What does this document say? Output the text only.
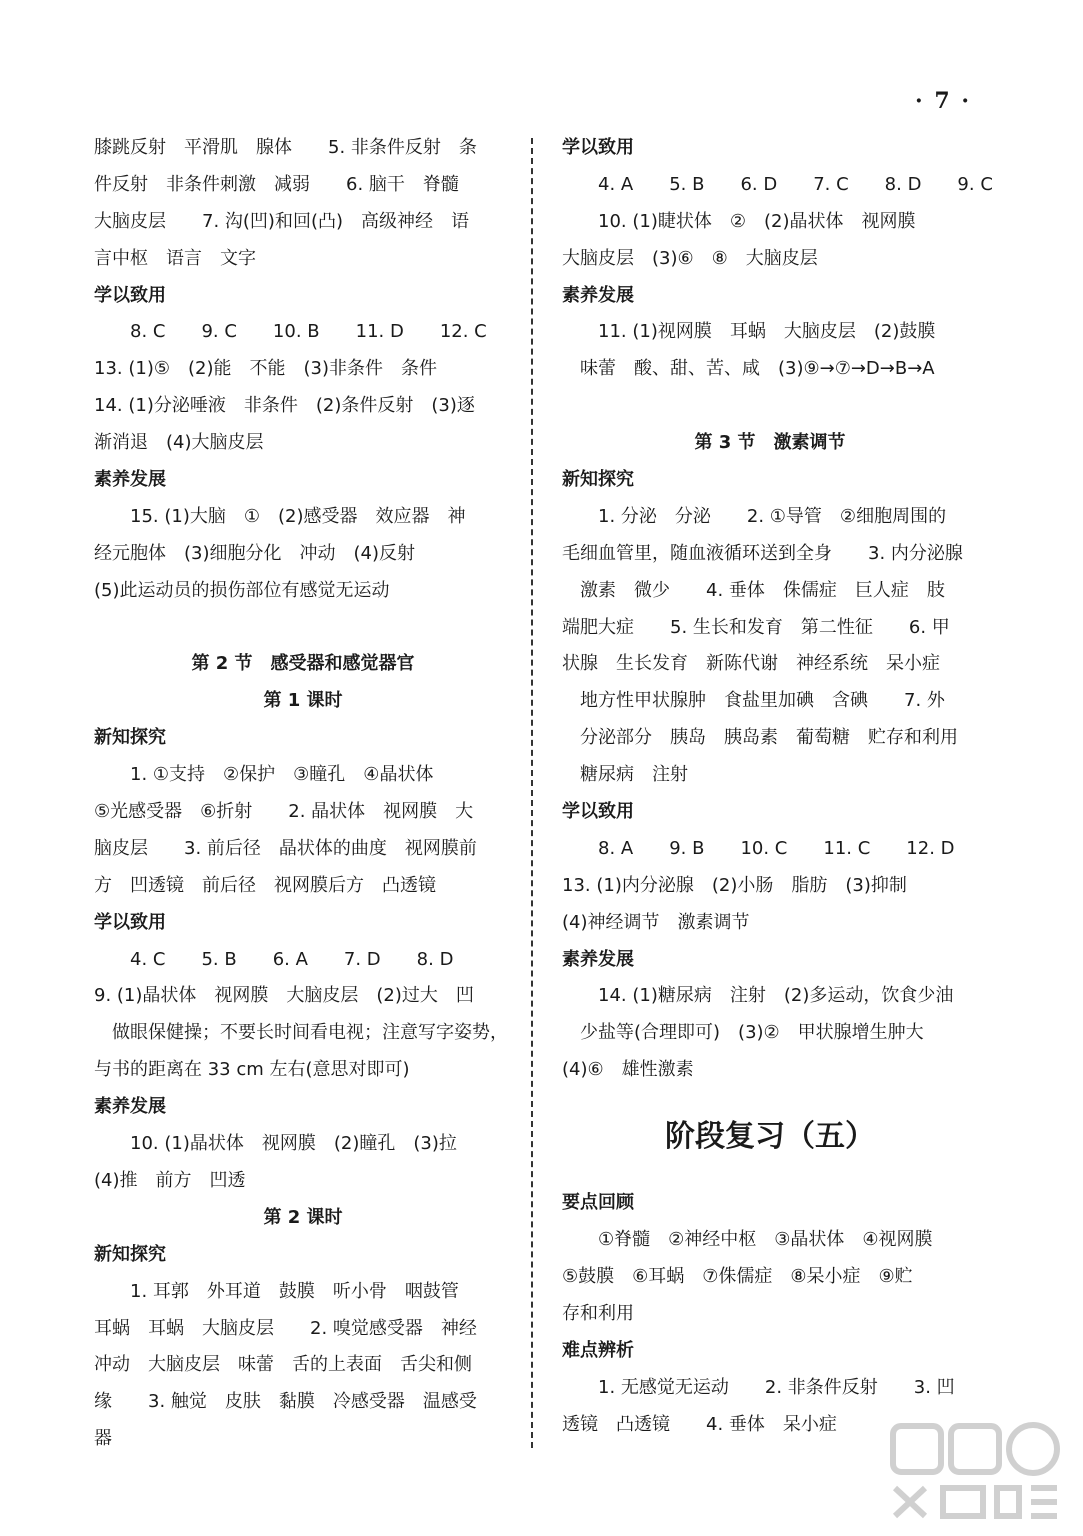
· 7 ·
膝跳反射　平滑肌　腺体　　5. 非条件反射　条
件反射　非条件刺激　减弱　　6. 脑干　脊髓
大脑皮层　　7. 沟(凹)和回(凸)　高级神经　语
言中枢　语言　文字
学以致用
8. C　　9. C　　10. B　　11. D　　12. C
13. (1)⑤　(2)能　不能　(3)非条件　条件
14. (1)分泌唾液　非条件　(2)条件反射　(3)逐
渐消退　(4)大脑皮层
素养发展
15. (1)大脑　①　(2)感受器　效应器　神
经元胞体　(3)细胞分化　冲动　(4)反射
(5)此运动员的损伤部位有感觉无运动
第 2 节　感受器和感觉器官
第 1 课时
新知探究
1. ①支持　②保护　③瞳孔　④晶状体
⑤光感受器　⑥折射　　2. 晶状体　视网膜　大
脑皮层　　3. 前后径　晶状体的曲度　视网膜前
方　凹透镜　前后径　视网膜后方　凸透镜
学以致用
4. C　　5. B　　6. A　　7. D　　8. D
9. (1)晶状体　视网膜　大脑皮层　(2)过大　凹
做眼保健操；不要长时间看电视；注意写字姿势，
与书的距离在 33 cm 左右(意思对即可)
素养发展
10. (1)晶状体　视网膜　(2)瞳孔　(3)拉
(4)推　前方　凹透
第 2 课时
新知探究
1. 耳郭　外耳道　鼓膜　听小骨　咽鼓管
耳蜗　耳蜗　大脑皮层　　2. 嗅觉感受器　神经
冲动　大脑皮层　味蕾　舌的上表面　舌尖和侧
缘　　3. 触觉　皮肤　黏膜　冷感受器　温感受
器
学以致用
4. A　　5. B　　6. D　　7. C　　8. D　　9. C
10. (1)睫状体　②　(2)晶状体　视网膜
大脑皮层　(3)⑥　⑧　大脑皮层
素养发展
11. (1)视网膜　耳蜗　大脑皮层　(2)鼓膜
味蕾　酸、甜、苦、咸　(3)⑨→⑦→D→B→A
第 3 节　激素调节
新知探究
1. 分泌　分泌　　2. ①导管　②细胞周围的
毛细血管里，随血液循环送到全身　　3. 内分泌腺
激素　微少　　4. 垂体　侏儒症　巨人症　肢
端肥大症　　5. 生长和发育　第二性征　　6. 甲
状腺　生长发育　新陈代谢　神经系统　呆小症
地方性甲状腺肿　食盐里加碘　含碘　　7. 外
分泌部分　胰岛　胰岛素　葡萄糖　贮存和利用
糖尿病　注射
学以致用
8. A　　9. B　　10. C　　11. C　　12. D
13. (1)内分泌腺　(2)小肠　脂肪　(3)抑制
(4)神经调节　激素调节
素养发展
14. (1)糖尿病　注射　(2)多运动，饮食少油
少盐等(合理即可)　(3)②　甲状腺增生肿大
(4)⑥　雄性激素
阶段复习（五）
要点回顾
①脊髓　②神经中枢　③晶状体　④视网膜
⑤鼓膜　⑥耳蜗　⑦侏儒症　⑧呆小症　⑨贮
存和利用
难点辨析
1. 无感觉无运动　　2. 非条件反射　　3. 凹
透镜　凸透镜　　4. 垂体　呆小症
